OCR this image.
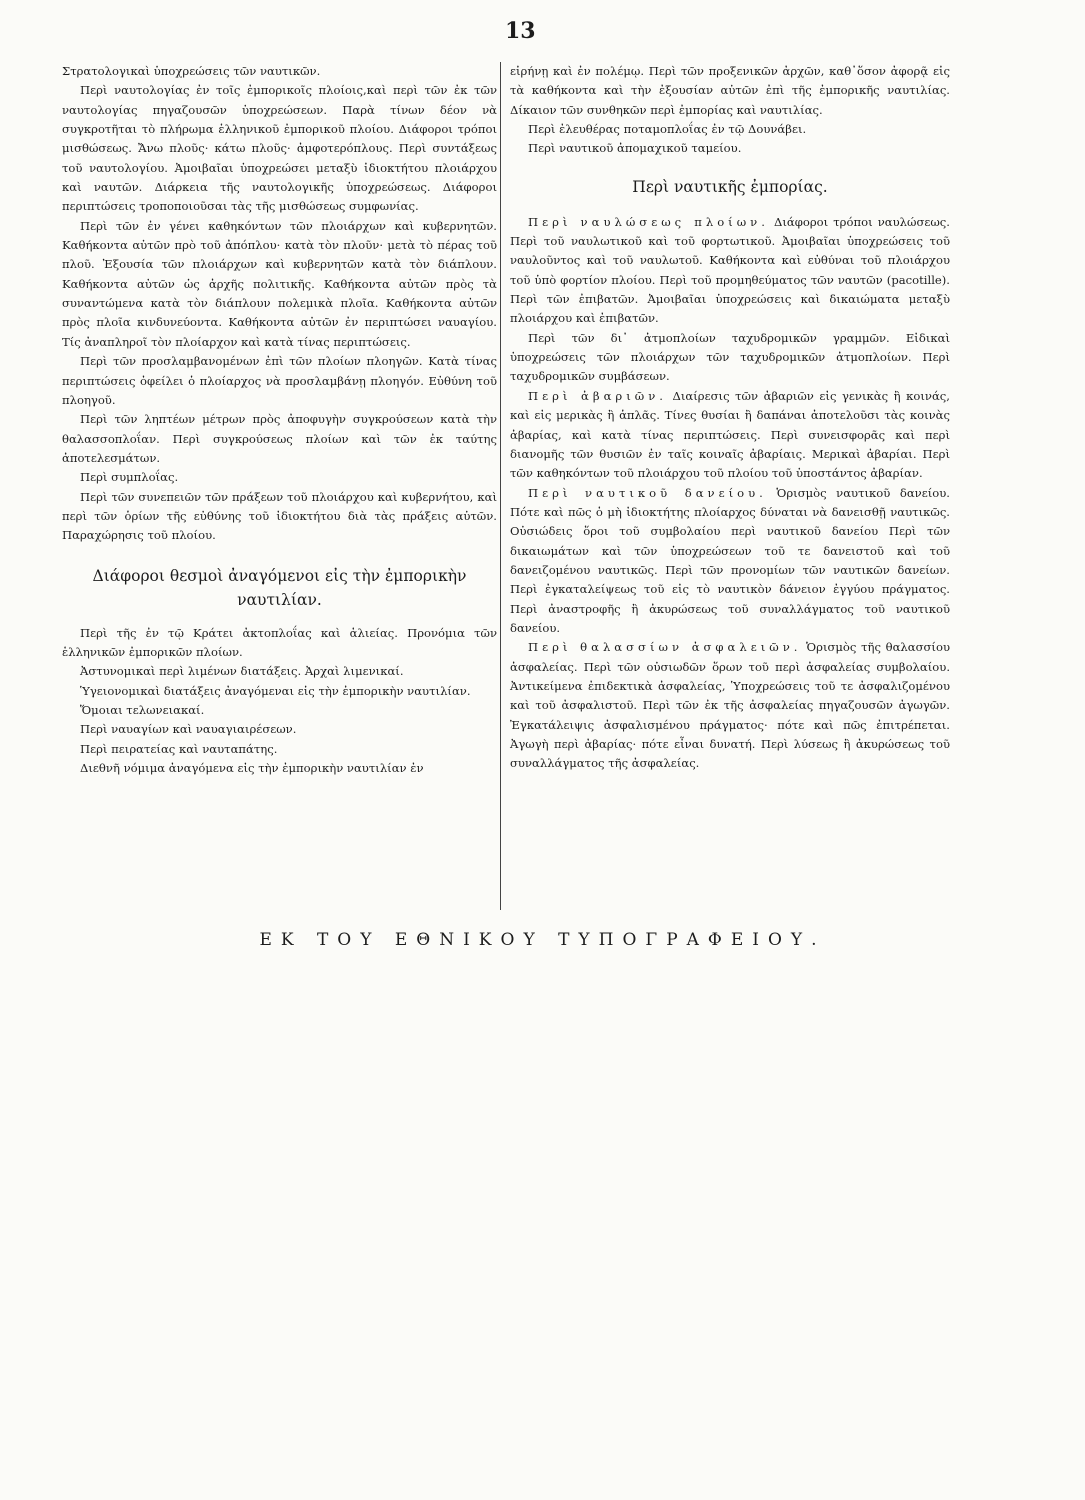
13

Στρατολογικαὶ ὑποχρεώσεις τῶν ναυτικῶν.

Περὶ ναυτολογίας ἐν τοῖς ἐμπορικοῖς πλοίοις,καὶ περὶ τῶν ἐκ τῶν ναυτολογίας πηγαζουσῶν ὑποχρεώσεων. Παρὰ τίνων δέον νὰ συγκροτῆται τὸ πλήρωμα ἑλληνικοῦ ἐμπορικοῦ πλοίου. Διάφοροι τρόποι μισθώσεως. Ἄνω πλοῦς· κάτω πλοῦς· ἀμφοτερόπλους. Περὶ συντάξεως τοῦ ναυτολογίου. Ἀμοιβαῖαι ὑποχρεώσει μεταξὺ ἰδιοκτήτου πλοιάρχου καὶ ναυτῶν. Διάρκεια τῆς ναυτολογικῆς ὑποχρεώσεως. Διάφοροι περιπτώσεις τροποποιοῦσαι τὰς τῆς μισθώσεως συμφωνίας.

Περὶ τῶν ἐν γένει καθηκόντων τῶν πλοιάρχων καὶ κυβερνητῶν. Καθήκοντα αὐτῶν πρὸ τοῦ ἀπόπλου· κατὰ τὸν πλοῦν· μετὰ τὸ πέρας τοῦ πλοῦ. Ἐξουσία τῶν πλοιάρχων καὶ κυβερνητῶν κατὰ τὸν διάπλουν. Καθήκοντα αὐτῶν ὡς ἀρχῆς πολιτικῆς. Καθήκοντα αὐτῶν πρὸς τὰ συναντώμενα κατὰ τὸν διάπλουν πολεμικὰ πλοῖα. Καθήκοντα αὐτῶν πρὸς πλοῖα κινδυνεύοντα. Καθήκοντα αὐτῶν ἐν περιπτώσει ναυαγίου. Τίς ἀναπληροῖ τὸν πλοίαρχον καὶ κατὰ τίνας περιπτώσεις.

Περὶ τῶν προσλαμβανομένων ἐπὶ τῶν πλοίων πλοηγῶν. Κατὰ τίνας περιπτώσεις ὀφείλει ὁ πλοίαρχος νὰ προσλαμβάνῃ πλοηγόν. Εὐθύνη τοῦ πλοηγοῦ.

Περὶ τῶν ληπτέων μέτρων πρὸς ἀποφυγὴν συγκρούσεων κατὰ τὴν θαλασσοπλοΐαν. Περὶ συγκρούσεως πλοίων καὶ τῶν ἐκ ταύτης ἀποτελεσμάτων.

Περὶ συμπλοΐας.

Περὶ τῶν συνεπειῶν τῶν πράξεων τοῦ πλοιάρχου καὶ κυβερνήτου, καὶ περὶ τῶν ὁρίων τῆς εὐθύνης τοῦ ἰδιοκτήτου διὰ τὰς πράξεις αὐτῶν. Παραχώρησις τοῦ πλοίου.

Διάφοροι θεσμοὶ ἀναγόμενοι εἰς τὴν ἐμπορικὴν ναυτιλίαν.

Περὶ τῆς ἐν τῷ Κράτει ἀκτοπλοΐας καὶ ἁλιείας. Προνόμια τῶν ἑλληνικῶν ἐμπορικῶν πλοίων.

Ἀστυνομικαὶ περὶ λιμένων διατάξεις. Ἀρχαὶ λιμενικαί.

Ὑγειονομικαὶ διατάξεις ἀναγόμεναι εἰς τὴν ἐμπορικὴν ναυτιλίαν.

Ὅμοιαι τελωνειακαί.

Περὶ ναυαγίων καὶ ναυαγιαιρέσεων.

Περὶ πειρατείας καὶ ναυταπάτης.

Διεθνῆ νόμιμα ἀναγόμενα εἰς τὴν ἐμπορικὴν ναυτιλίαν ἐν

εἰρήνῃ καὶ ἐν πολέμῳ. Περὶ τῶν προξενικῶν ἀρχῶν, καθ᾿ὅσον ἀφορᾷ εἰς τὰ καθήκοντα καὶ τὴν ἐξουσίαν αὐτῶν ἐπὶ τῆς ἐμπορικῆς ναυτιλίας. Δίκαιον τῶν συνθηκῶν περὶ ἐμπορίας καὶ ναυτιλίας.

Περὶ ἐλευθέρας ποταμοπλοΐας ἐν τῷ Δουνάβει.

Περὶ ναυτικοῦ ἀπομαχικοῦ ταμείου.

Περὶ ναυτικῆς ἐμπορίας.

Περὶ ναυλώσεως πλοίων. Διάφοροι τρόποι ναυλώσεως. Περὶ τοῦ ναυλωτικοῦ καὶ τοῦ φορτωτικοῦ. Ἀμοιβαῖαι ὑποχρεώσεις τοῦ ναυλοῦντος καὶ τοῦ ναυλωτοῦ. Καθήκοντα καὶ εὐθύναι τοῦ πλοιάρχου τοῦ ὑπὸ φορτίον πλοίου. Περὶ τοῦ προμηθεύματος τῶν ναυτῶν (pacotille). Περὶ τῶν ἐπιβατῶν. Ἀμοιβαῖαι ὑποχρεώσεις καὶ δικαιώματα μεταξὺ πλοιάρχου καὶ ἐπιβατῶν.

Περὶ τῶν δι᾿ ἀτμοπλοίων ταχυδρομικῶν γραμμῶν. Εἰδικαὶ ὑποχρεώσεις τῶν πλοιάρχων τῶν ταχυδρομικῶν ἀτμοπλοίων. Περὶ ταχυδρομικῶν συμβάσεων.

Περὶ ἀβαριῶν. Διαίρεσις τῶν ἀβαριῶν εἰς γενικὰς ἢ κοινάς, καὶ εἰς μερικὰς ἢ ἁπλᾶς. Τίνες θυσίαι ἢ δαπάναι ἀποτελοῦσι τὰς κοινὰς ἀβαρίας, καὶ κατὰ τίνας περιπτώσεις. Περὶ συνεισφορᾶς καὶ περὶ διανομῆς τῶν θυσιῶν ἐν ταῖς κοιναῖς ἀβαρίαις. Μερικαὶ ἀβαρίαι. Περὶ τῶν καθηκόντων τοῦ πλοιάρχου τοῦ πλοίου τοῦ ὑποστάντος ἀβαρίαν.

Περὶ ναυτικοῦ δανείου. Ὁρισμὸς ναυτικοῦ δανείου. Πότε καὶ πῶς ὁ μὴ ἰδιοκτήτης πλοίαρχος δύναται νὰ δανεισθῇ ναυτικῶς. Οὐσιώδεις ὅροι τοῦ συμβολαίου περὶ ναυτικοῦ δανείου Περὶ τῶν δικαιωμάτων καὶ τῶν ὑποχρεώσεων τοῦ τε δανειστοῦ καὶ τοῦ δανειζομένου ναυτικῶς. Περὶ τῶν προνομίων τῶν ναυτικῶν δανείων. Περὶ ἐγκαταλείψεως τοῦ εἰς τὸ ναυτικὸν δάνειον ἐγγύου πράγματος. Περὶ ἀναστροφῆς ἢ ἀκυρώσεως τοῦ συναλλάγματος τοῦ ναυτικοῦ δανείου.

Περὶ θαλασσίων ἀσφαλειῶν. Ὁρισμὸς τῆς θαλασσίου ἀσφαλείας. Περὶ τῶν οὐσιωδῶν ὅρων τοῦ περὶ ἀσφαλείας συμβολαίου. Ἀντικείμενα ἐπιδεκτικὰ ἀσφαλείας, Ὑποχρεώσεις τοῦ τε ἀσφαλιζομένου καὶ τοῦ ἀσφαλιστοῦ. Περὶ τῶν ἐκ τῆς ἀσφαλείας πηγαζουσῶν ἀγωγῶν. Ἐγκατάλειψις ἀσφαλισμένου πράγματος· πότε καὶ πῶς ἐπιτρέπεται. Ἀγωγὴ περὶ ἀβαρίας· πότε εἶναι δυνατή. Περὶ λύσεως ἢ ἀκυρώσεως τοῦ συναλλάγματος τῆς ἀσφαλείας.

ΕΚ ΤΟΥ ΕΘΝΙΚΟΥ ΤΥΠΟΓΡΑΦΕΙΟΥ.
